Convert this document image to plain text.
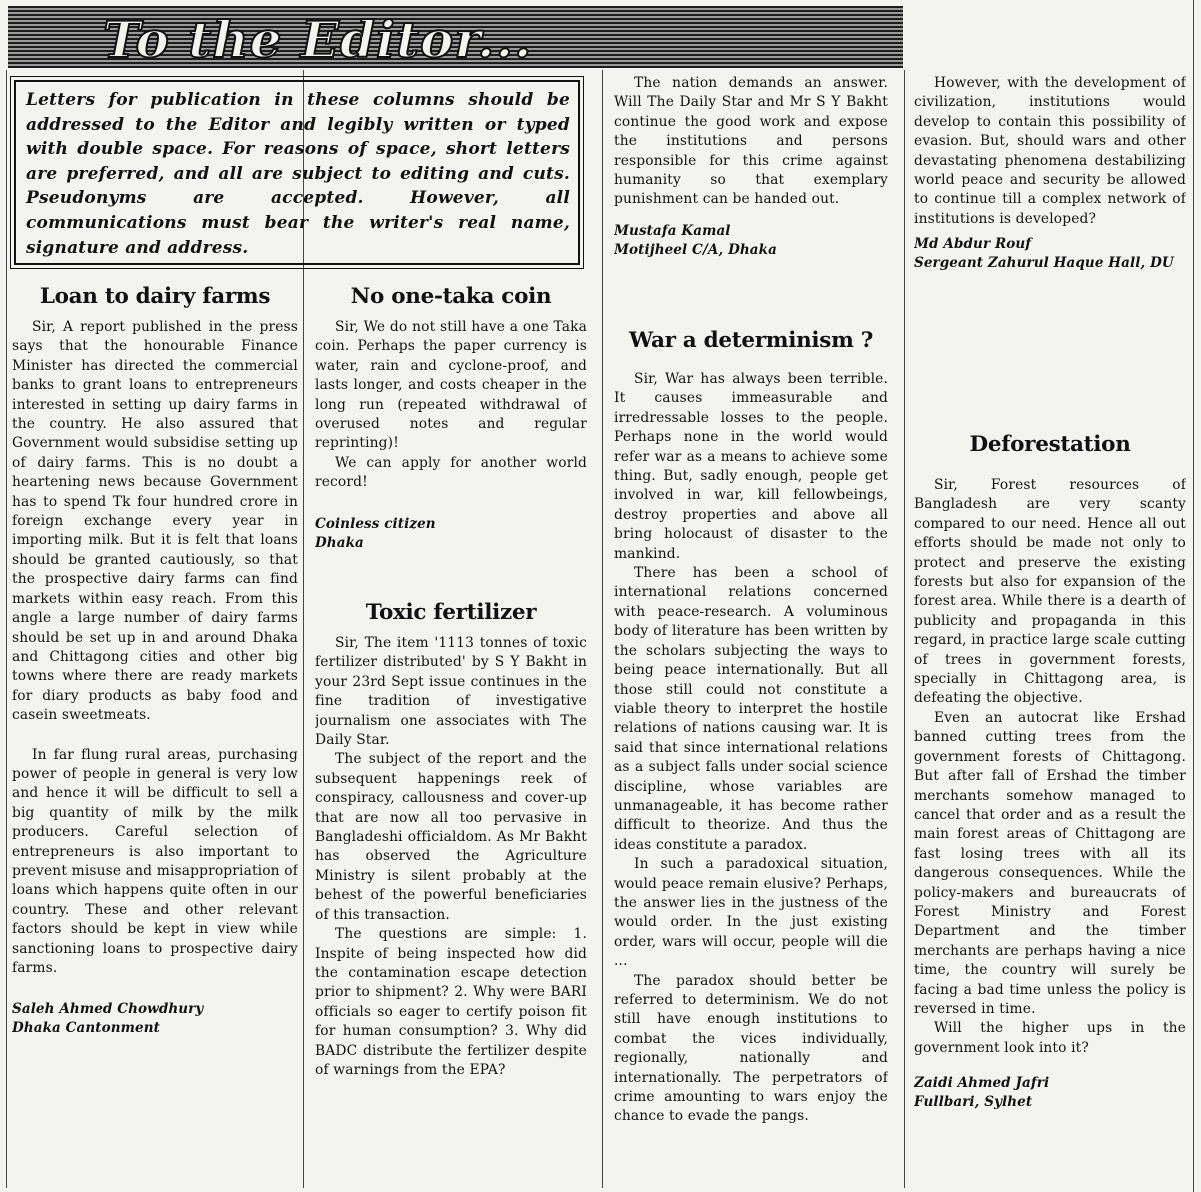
To the Editor...

Letters for publication in these columns should be addressed to the Editor and legibly written or typed with double space. For reasons of space, short letters are preferred, and all are subject to editing and cuts. Pseudonyms are accepted. However, all communications must bear the writer's real name, signature and address.

Loan to dairy farms

Sir, A report published in the press says that the honourable Finance Minister has directed the commercial banks to grant loans to entrepreneurs interested in setting up dairy farms in the country. He also assured that Government would subsidise setting up of dairy farms. This is no doubt a heartening news because Government has to spend Tk four hundred crore in foreign exchange every year in importing milk. But it is felt that loans should be granted cautiously, so that the prospective dairy farms can find markets within easy reach. From this angle a large number of dairy farms should be set up in and around Dhaka and Chittagong cities and other big towns where there are ready markets for diary products as baby food and casein sweetmeats.

In far flung rural areas, purchasing power of people in general is very low and hence it will be difficult to sell a big quantity of milk by the milk producers. Careful selection of entrepreneurs is also important to prevent misuse and misappropriation of loans which happens quite often in our country. These and other relevant factors should be kept in view while sanctioning loans to prospective dairy farms.

Saleh Ahmed Chowdhury
Dhaka Cantonment
No one-taka coin

Sir, We do not still have a one Taka coin. Perhaps the paper currency is water, rain and cyclone-proof, and lasts longer, and costs cheaper in the long run (repeated withdrawal of overused notes and regular reprinting)!

We can apply for another world record!

Coinless citizen
Dhaka
Toxic fertilizer

Sir, The item '1113 tonnes of toxic fertilizer distributed' by S Y Bakht in your 23rd Sept issue continues in the fine tradition of investigative journalism one associates with The Daily Star.

The subject of the report and the subsequent happenings reek of conspiracy, callousness and cover-up that are now all too pervasive in Bangladeshi officialdom. As Mr Bakht has observed the Agriculture Ministry is silent probably at the behest of the powerful beneficiaries of this transaction.

The questions are simple: 1. Inspite of being inspected how did the contamination escape detection prior to shipment? 2. Why were BARI officials so eager to certify poison fit for human consumption? 3. Why did BADC distribute the fertilizer despite of warnings from the EPA?

The nation demands an answer. Will The Daily Star and Mr S Y Bakht continue the good work and expose the institutions and persons responsible for this crime against humanity so that exemplary punishment can be handed out.

Mustafa Kamal
Motijheel C/A, Dhaka
War a determinism ?

Sir, War has always been terrible. It causes immeasurable and irredressable losses to the people. Perhaps none in the world would refer war as a means to achieve some thing. But, sadly enough, people get involved in war, kill fellowbeings, destroy properties and above all bring holocaust of disaster to the mankind.

There has been a school of international relations concerned with peace-research. A voluminous body of literature has been written by the scholars subjecting the ways to being peace internationally. But all those still could not constitute a viable theory to interpret the hostile relations of nations causing war. It is said that since international relations as a subject falls under social science discipline, whose variables are unmanageable, it has become rather difficult to theorize. And thus the ideas constitute a paradox.

In such a paradoxical situation, would peace remain elusive? Perhaps, the answer lies in the justness of the would order. In the just existing order, wars will occur, people will die ...

The paradox should better be referred to determinism. We do not still have enough institutions to combat the vices individually, regionally, nationally and internationally. The perpetrators of crime amounting to wars enjoy the chance to evade the pangs.

However, with the development of civilization, institutions would develop to contain this possibility of evasion. But, should wars and other devastating phenomena destabilizing world peace and security be allowed to continue till a complex network of institutions is developed?

Md Abdur Rouf
Sergeant Zahurul Haque Hall, DU
Deforestation

Sir, Forest resources of Bangladesh are very scanty compared to our need. Hence all out efforts should be made not only to protect and preserve the existing forests but also for expansion of the forest area. While there is a dearth of publicity and propaganda in this regard, in practice large scale cutting of trees in government forests, specially in Chittagong area, is defeating the objective.

Even an autocrat like Ershad banned cutting trees from the government forests of Chittagong. But after fall of Ershad the timber merchants somehow managed to cancel that order and as a result the main forest areas of Chittagong are fast losing trees with all its dangerous consequences. While the policy-makers and bureaucrats of Forest Ministry and Forest Department and the timber merchants are perhaps having a nice time, the country will surely be facing a bad time unless the policy is reversed in time.

Will the higher ups in the government look into it?

Zaidi Ahmed Jafri
Fullbari, Sylhet
